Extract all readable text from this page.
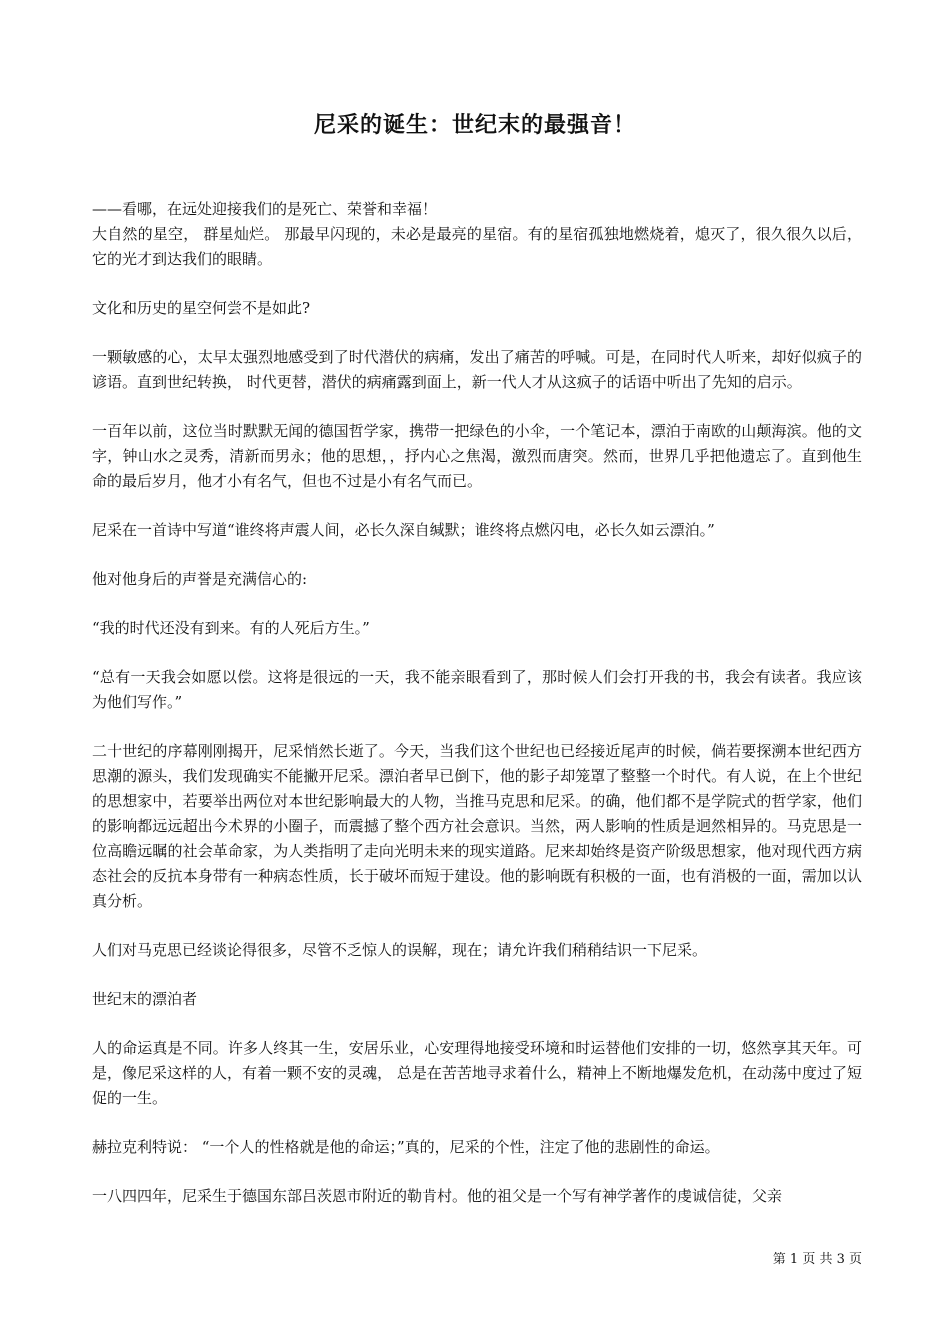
尼采的诞生：世纪末的最强音！

——看哪，在远处迎接我们的是死亡、荣誉和幸福！

大自然的星空， 群星灿烂。 那最早闪现的，未必是最亮的星宿。有的星宿孤独地燃烧着，熄灭了，很久很久以后，它的光才到达我们的眼睛。

文化和历史的星空何尝不是如此?

一颗敏感的心，太早太强烈地感受到了时代潜伏的病痛，发出了痛苦的呼喊。可是，在同时代人听来，却好似疯子的谚语。直到世纪转换， 时代更替，潜伏的病痛露到面上，新一代人才从这疯子的话语中听出了先知的启示。

一百年以前，这位当时默默无闻的德国哲学家，携带一把绿色的小伞，一个笔记本，漂泊于南欧的山颠海滨。他的文字，钟山水之灵秀，清新而男永；他的思想，，抒内心之焦渴，激烈而唐突。然而，世界几乎把他遗忘了。直到他生命的最后岁月，他才小有名气，但也不过是小有名气而已。

尼采在一首诗中写道“谁终将声震人间，必长久深自缄默；谁终将点燃闪电，必长久如云漂泊。”

他对他身后的声誉是充满信心的:

“我的时代还没有到来。有的人死后方生。”

“总有一天我会如愿以偿。这将是很远的一天，我不能亲眼看到了，那时候人们会打开我的书，我会有读者。我应该为他们写作。”

二十世纪的序幕刚刚揭开，尼采悄然长逝了。今天，当我们这个世纪也已经接近尾声的时候，倘若要探溯本世纪西方思潮的源头，我们发现确实不能撇开尼采。漂泊者早已倒下，他的影子却笼罩了整整一个时代。有人说，在上个世纪的思想家中，若要举出两位对本世纪影响最大的人物，当推马克思和尼采。的确，他们都不是学院式的哲学家，他们的影响都远远超出今术界的小圈子，而震撼了整个西方社会意识。当然，两人影响的性质是迥然相异的。马克思是一位高瞻远瞩的社会革命家，为人类指明了走向光明未来的现实道路。尼来却始终是资产阶级思想家，他对现代西方病态社会的反抗本身带有一种病态性质，长于破坏而短于建设。他的影响既有积极的一面，也有消极的一面，需加以认真分析。

人们对马克思已经谈论得很多，尽管不乏惊人的误解，现在；请允许我们稍稍结识一下尼采。

世纪末的漂泊者

人的命运真是不同。许多人终其一生，安居乐业，心安理得地接受环境和时运替他们安排的一切，悠然享其天年。可是，像尼采这样的人，有着一颗不安的灵魂， 总是在苦苦地寻求着什么，精神上不断地爆发危机，在动荡中度过了短促的一生。

赫拉克利特说： “一个人的性格就是他的命运；”真的，尼采的个性，注定了他的悲剧性的命运。

一八四四年，尼采生于德国东部吕茨恩市附近的勒肯村。他的祖父是一个写有神学著作的虔诚信徒，父亲

第 1 页 共 3 页
